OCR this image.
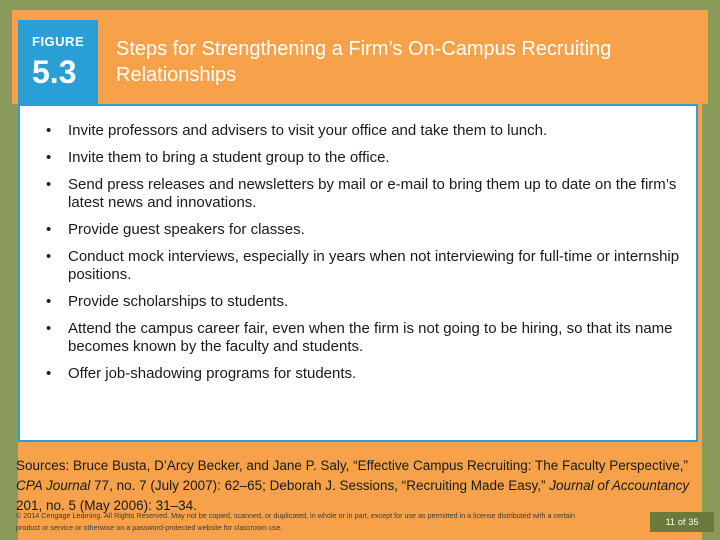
FIGURE
5.3
Steps for Strengthening a Firm’s On-Campus Recruiting Relationships
• Invite professors and advisers to visit your office and take them to lunch.
• Invite them to bring a student group to the office.
• Send press releases and newsletters by mail or e-mail to bring them up to date on the firm’s latest news and innovations.
• Provide guest speakers for classes.
• Conduct mock interviews, especially in years when not interviewing for full-time or internship positions.
• Provide scholarships to students.
• Attend the campus career fair, even when the firm is not going to be hiring, so that its name becomes known by the faculty and students.
• Offer job-shadowing programs for students.
Sources: Bruce Busta, D’Arcy Becker, and Jane P. Saly, “Effective Campus Recruiting: The Faculty Perspective,” CPA Journal 77, no. 7 (July 2007): 62–65; Deborah J. Sessions, “Recruiting Made Easy,” Journal of Accountancy 201, no. 5 (May 2006): 31–34.
© 2014 Cengage Learning. All Rights Reserved. May not be copied, scanned, or duplicated, in whole or in part, except for use as permitted in a license distributed with a certain product or service or otherwise on a password-protected website for classroom use.
11 of 35
